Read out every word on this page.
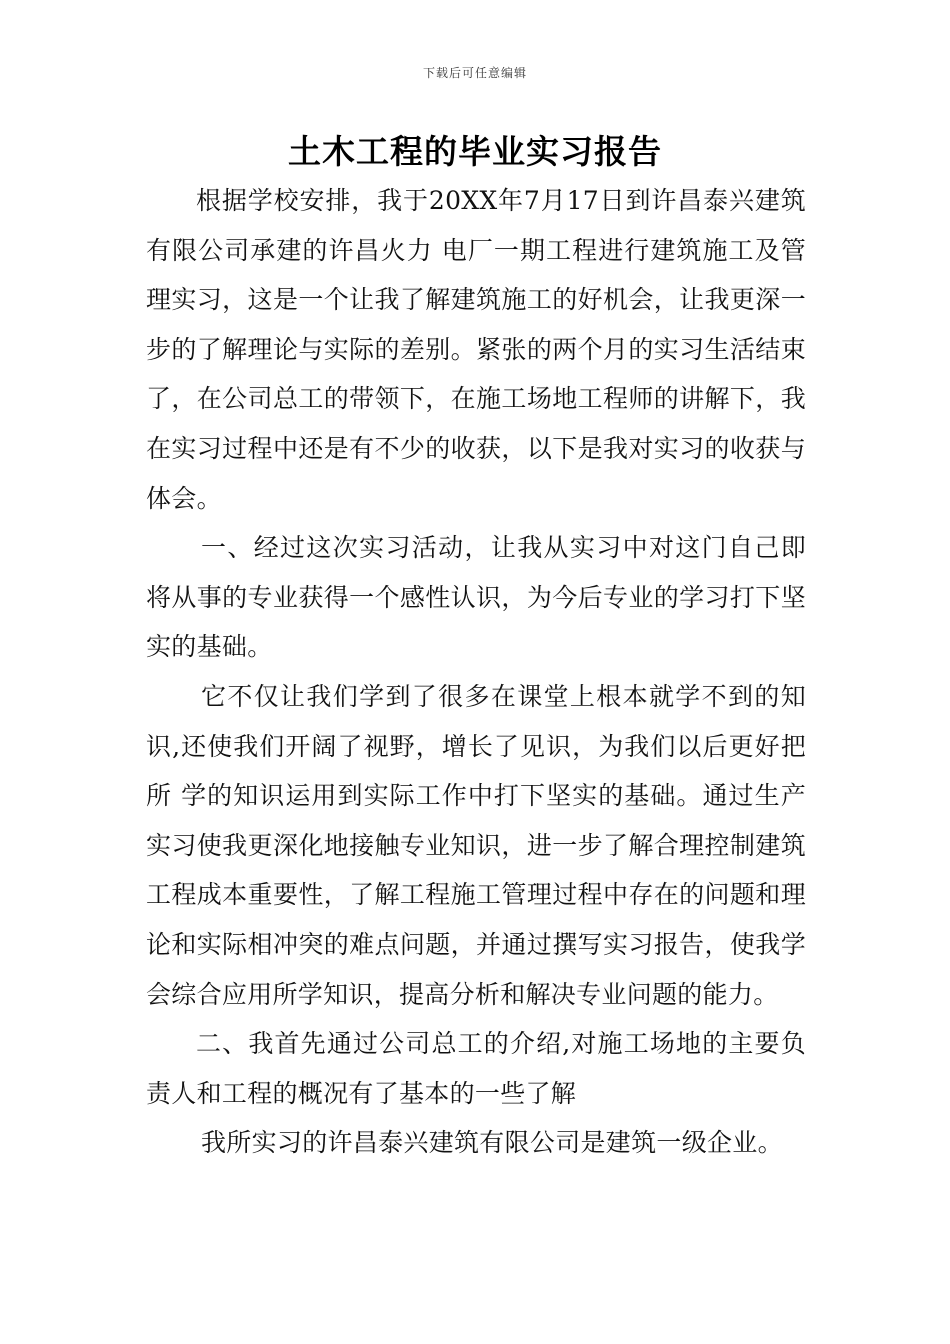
下载后可任意编辑
土木工程的毕业实习报告

根据学校安排，我于20XX年7月17日到许昌泰兴建筑有限公司承建的许昌火力 电厂一期工程进行建筑施工及管理实习，这是一个让我了解建筑施工的好机会，让我更深一步的了解理论与实际的差别。紧张的两个月的实习生活结束了，在公司总工的带领下，在施工场地工程师的讲解下，我在实习过程中还是有不少的收获，以下是我对实习的收获与体会。

一、经过这次实习活动，让我从实习中对这门自己即将从事的专业获得一个感性认识，为今后专业的学习打下坚实的基础。

它不仅让我们学到了很多在课堂上根本就学不到的知识,还使我们开阔了视野，增长了见识，为我们以后更好把所 学的知识运用到实际工作中打下坚实的基础。通过生产实习使我更深化地接触专业知识，进一步了解合理控制建筑工程成本重要性，了解工程施工管理过程中存在的问题和理论和实际相冲突的难点问题，并通过撰写实习报告，使我学会综合应用所学知识，提高分析和解决专业问题的能力。

二、我首先通过公司总工的介绍,对施工场地的主要负责人和工程的概况有了基本的一些了解

我所实习的许昌泰兴建筑有限公司是建筑一级企业。
